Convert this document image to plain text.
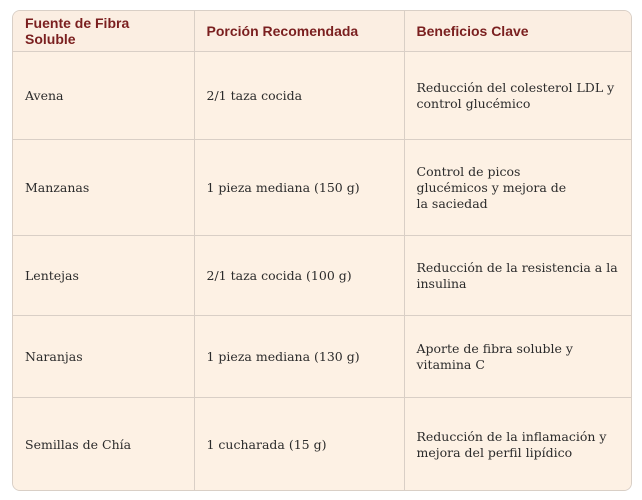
Fuente de Fibra Soluble	Porción Recomendada	Beneficios Clave
Avena	2/1 taza cocida	Reducción del colesterol LDL y
control glucémico
Manzanas	1 pieza mediana (150 g)	Control de picos
glucémicos y mejora de
la saciedad
Lentejas	2/1 taza cocida (100 g)	Reducción de la resistencia a la
insulina
Naranjas	1 pieza mediana (130 g)	Aporte de fibra soluble y
vitamina C
Semillas de Chía	1 cucharada (15 g)	Reducción de la inflamación y
mejora del perfil lipídico
